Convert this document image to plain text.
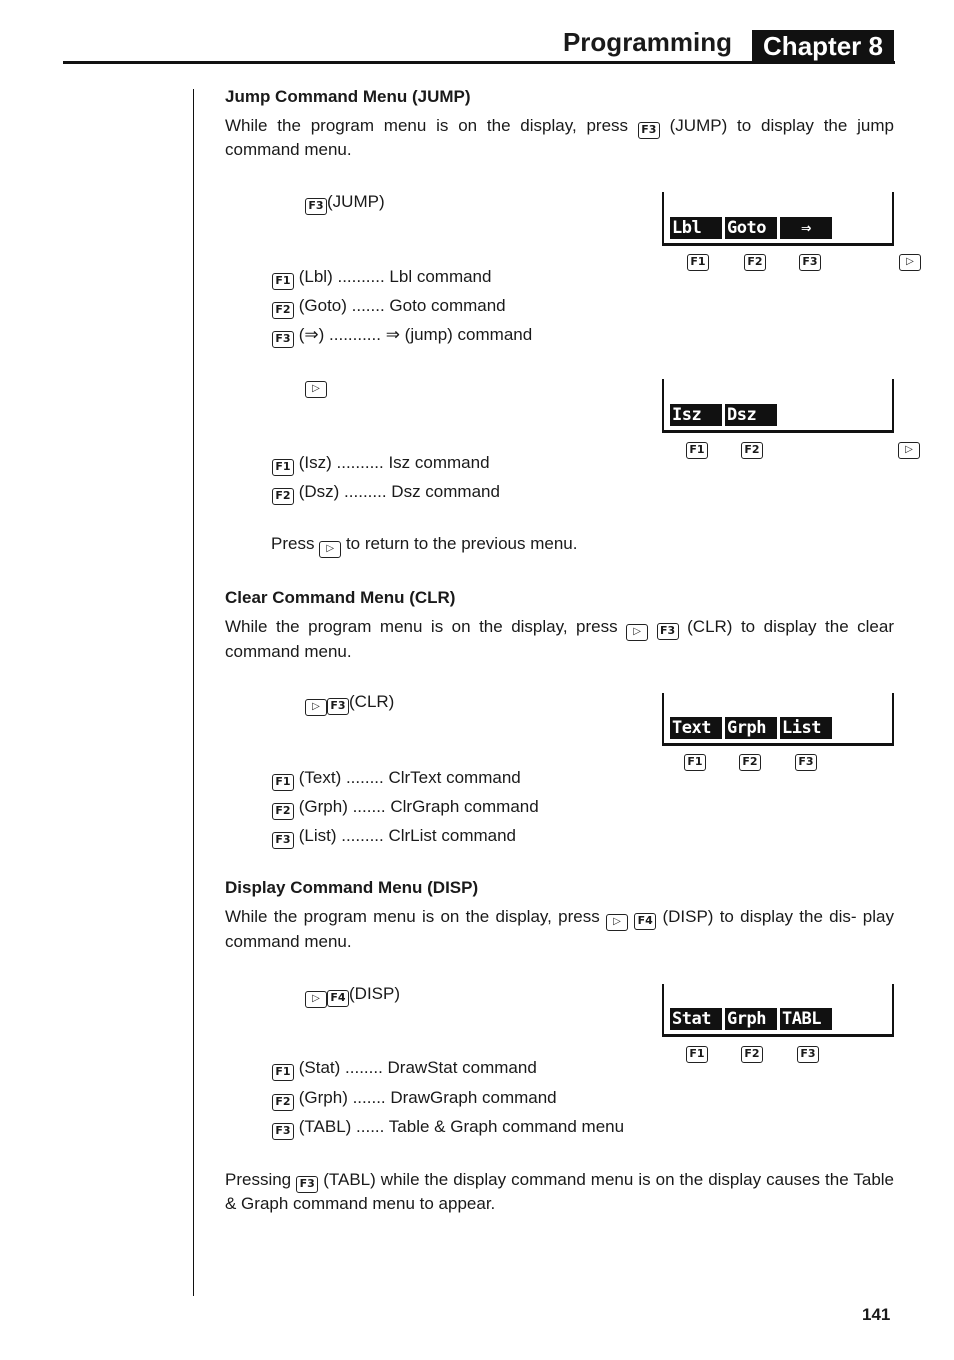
Programming	Chapter 8
Jump Command Menu (JUMP)
While the program menu is on the display, press F3 (JUMP) to display the jump command menu.
F3 (JUMP)
Lbl	Goto	⇒
F1	F2	F3	▷
F1 (Lbl) .......... Lbl command
F2 (Goto) ....... Goto command
F3 (⇒) ........... ⇒ (jump) command
▷
Isz	Dsz
F1	F2	▷
F1 (Isz) .......... Isz command
F2 (Dsz) ......... Dsz command
Press ▷ to return to the previous menu.
Clear Command Menu (CLR)
While the program menu is on the display, press ▷ F3 (CLR) to display the clear command menu.
▷ F3 (CLR)
Text Grph List
F1	F2	F3
F1 (Text) ........ ClrText command
F2 (Grph) ....... ClrGraph command
F3 (List) ......... ClrList command
Display Command Menu (DISP)
While the program menu is on the display, press ▷ F4 (DISP) to display the dis- play command menu.
▷ F4 (DISP)
Stat Grph TABL
F1	F2	F3
F1 (Stat) ........ DrawStat command
F2 (Grph) ....... DrawGraph command
F3 (TABL) ...... Table & Graph command menu
Pressing F3 (TABL) while the display command menu is on the display causes the Table & Graph command menu to appear.
141
